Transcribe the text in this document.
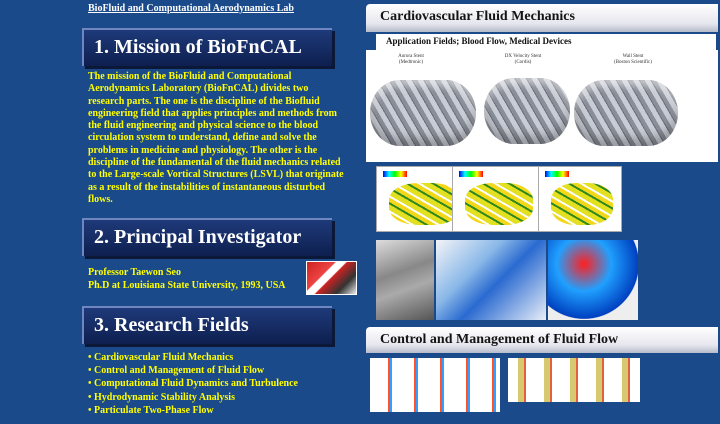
BioFluid and Computational Aerodynamics Lab
1. Mission of BioFnCAL
The mission of the BioFluid and Computational Aerodynamics Laboratory (BioFnCAL) divides two research parts. The one is the discipline of the Biofluid engineering field that applies principles and methods from the fluid engineering and physical science to the blood circulation system to understand, define and solve the problems in medicine and physiology. The other is the discipline of the fundamental of the fluid mechanics related to the Large-scale Vortical Structures (LSVL) that originate as a result of the instabilities of instantaneous disturbed flows.
2. Principal Investigator
Professor Taewon Seo
Ph.D at Louisiana State University, 1993, USA
3. Research Fields
• Cardiovascular Fluid Mechanics
• Control and Management of Fluid Flow
• Computational Fluid Dynamics and Turbulence
• Hydrodynamic Stability Analysis
• Particulate Two-Phase Flow
Cardiovascular Fluid Mechanics
Application Fields; Blood Flow, Medical Devices
Aurora Stent
(Medtronic)
DX Velocity Stent
(Cordis)
Wall Stent
(Boston Scientific)
Control and Management of Fluid Flow
